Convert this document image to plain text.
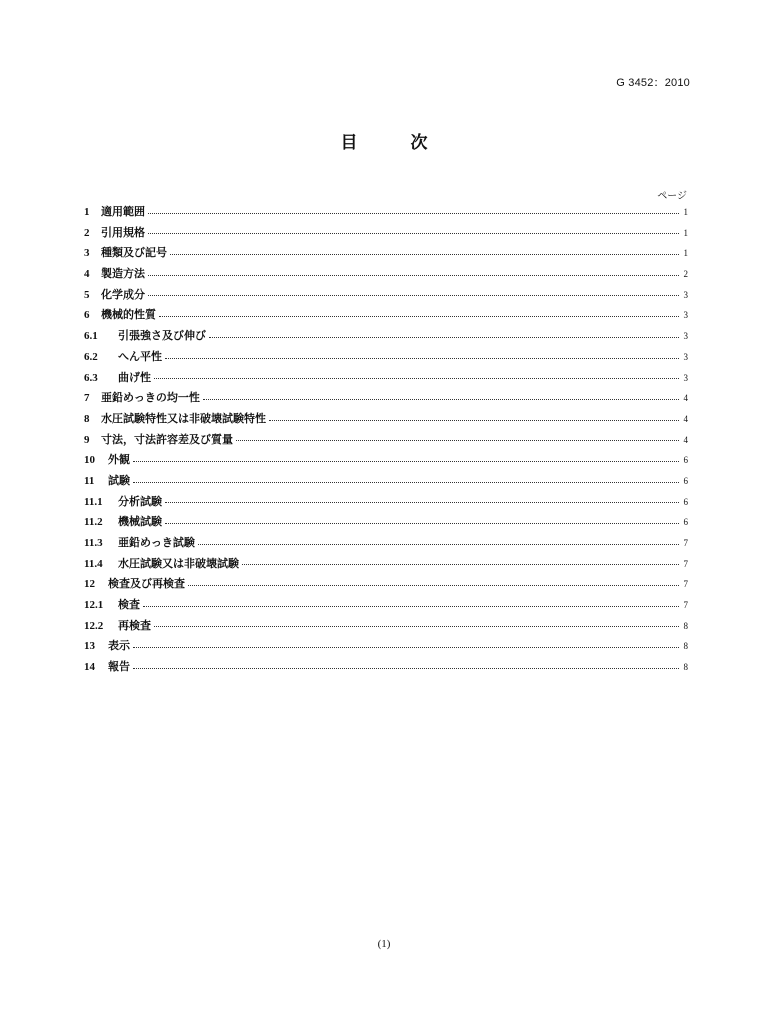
G 3452：2010
目　次
ページ
1	適用範囲	1
2	引用規格	1
3	種類及び記号	1
4	製造方法	2
5	化学成分	3
6	機械的性質	3
6.1	引張強さ及び伸び	3
6.2	へん平性	3
6.3	曲げ性	3
7	亜鉛めっきの均一性	4
8	水圧試験特性又は非破壊試験特性	4
9	寸法，寸法許容差及び質量	4
10	外観	6
11	試験	6
11.1	分析試験	6
11.2	機械試験	6
11.3	亜鉛めっき試験	7
11.4	水圧試験又は非破壊試験	7
12	検査及び再検査	7
12.1	検査	7
12.2	再検査	8
13	表示	8
14	報告	8
(1)
